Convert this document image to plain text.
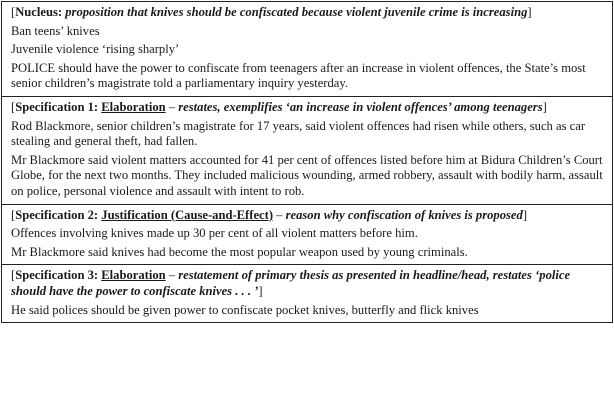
[Nucleus: proposition that knives should be confiscated because violent juvenile crime is increasing]

Ban teens’ knives

Juvenile violence ‘rising sharply’

POLICE should have the power to confiscate from teenagers after an increase in violent offences, the State’s most senior children’s magistrate told a parliamentary inquiry yesterday.

[Specification 1: Elaboration – restates, exemplifies ‘an increase in violent offences’ among teenagers]

Rod Blackmore, senior children’s magistrate for 17 years, said violent offences had risen while others, such as car stealing and general theft, had fallen.

Mr Blackmore said violent matters accounted for 41 per cent of offences listed before him at Bidura Children’s Court Globe, for the next two months. They included malicious wounding, armed robbery, assault with bodily harm, assault on police, personal violence and assault with intent to rob.

[Specification 2: Justification (Cause-and-Effect) – reason why confiscation of knives is proposed]

Offences involving knives made up 30 per cent of all violent matters before him.

Mr Blackmore said knives had become the most popular weapon used by young criminals.

[Specification 3: Elaboration – restatement of primary thesis as presented in headline/head, restates ‘police should have the power to confiscate knives . . . ’]

He said polices should be given power to confiscate pocket knives, butterfly and flick knives
